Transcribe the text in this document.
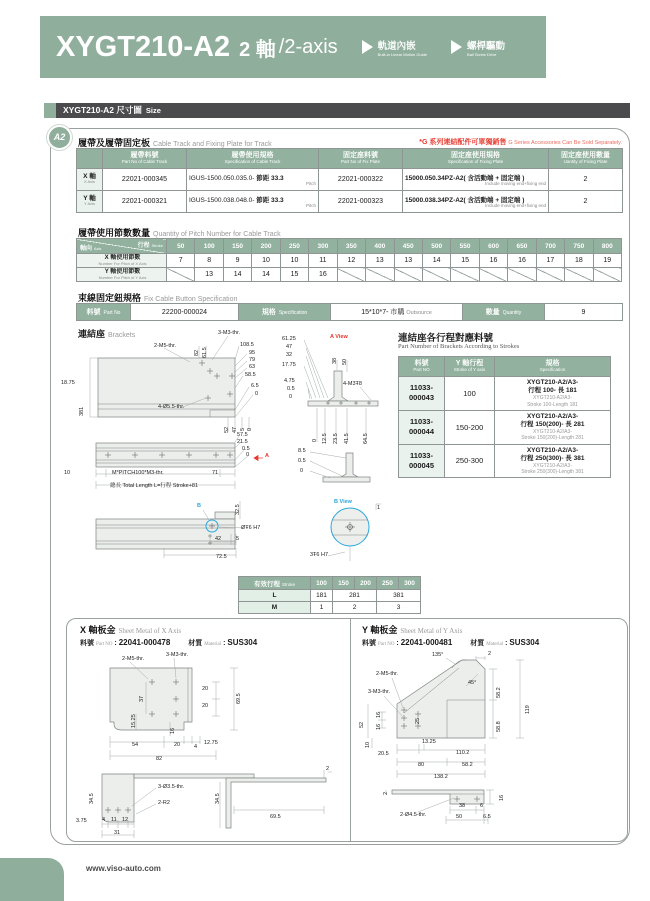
XYGT210-A2 2 軸 /2-axis	軌道內嵌
Built-in Linear Motion Guide
螺桿驅動
Ball Screw Drive
XYGT210-A2 尺寸圖 Size
A2
履帶及履帶固定板 Cable Track and Fixing Plate for Track	*G 系列連結配件可單獨銷售 G Series Accessories Can Be Sold Separately.

	履帶料號
Part No of Cable Track	履帶使用規格
Specification of Cable Track	固定座料號
Part No of Fix Plate	固定座使用規格
Specification of Fixing Plate	固定座使用數量
Uantity of Fixing Plate

X 軸
X Axis	22021-000345	IGUS-1500.050.035.0- 節距 33.3
Pitch	22021-000322	15000.050.34PZ-A2( 含活動端 + 固定端 )
Include moving end+fixing end	2

Y 軸
Y Axis	22021-000321	IGUS-1500.038.048.0- 節距 33.3
Pitch	22021-000323	15000.038.34PZ-A2( 含活動端 + 固定端 )
Include moving end+fixing end	2
履帶使用節數數量 Quantity of Pitch Number for Cable Track
行程 Stroke
軸向 Axis	50	100	150	200	250	300	350	400	450	500	550	600	650	700	750	800

X 軸使用節數
Number For Pitch of X Axis	7	8	9	10	10	11	12	13	13	14	15	16	16	17	18	19

Y 軸使用節數
Number For Pitch of Y Axis		13	14	14	15	16										
束線固定鈕規格 Fix Cable Button Specification
料號 Part No	22200-000024	規格 Specification	15*10*7- 市購 Outsource	數量 Quantity	9
連結座 Brackets
2-M5-thr.
3-M3-thr.
82 61.5
108.5
95
79
63
58.5
6.5
0
18.75
381	4-Ø5.5-thr.
52 47 5 0
A View
61.25
47
32
17.75
4.75
0.5
0
38 50
4-M3Ŧ8
0 12.5 23.5 41.5 64.5
57.5
21.5
0.5
0	A
10	M*PITCH100*M3-thr.	71
總長 Total Length L=行程 Stroke+81
8.5
0.5
0
B	32.5
ØŦ6 H7
42	5
72.5
B View
1
3Ŧ6 H7
連結座各行程對應料號
Part Number of Brackets According to Strokes
料號
Part NO	Y 軸行程
Stroke of Y axis	規格
Specification

11033-
000043	100	XYGT210-A2/A3-
行程 100- 長 181
XYGT210-A2/A3-
Stroke 100-Length 181

11033-
000044	150-200	XYGT210-A2/A3-
行程 150(200)- 長 281
XYGT210-A2/A3-
Stroke 150(200)-Length 281

11033-
000045	250-300	XYGT210-A2/A3-
行程 250(300)- 長 381
XYGT210-A2/A3-
Stroke 250(300)-Length 381
有效行程 Stroke	100	150	200	250	300
L	181	281		381	
M	1	2		3	
X 軸板金 Sheet Metal of X Axis
料號 Part NO : 22041-000478	材質 Material : SUS304
2-M5-thr.
3-M3-thr.
37
15.25
20
20
69.5
16
54	20	4
12.75
82
34.5
3-Ø3.5-thr.
2-R2
3.75	4 11 12
31
34.5
69.5
2
Y 軸板金 Sheet Metal of Y Axis
料號 Part NO : 22041-000481	材質 Material : SUS304
135°	2
2-M5-thr.
45°
58.2
119
3-M3-thr.
52
16
16
25
58.8
10	13.25
20.5	110.2
80	58.2
138.2
2
2-Ø4.5-thr.
38	6
50	6.5
16
www.viso-auto.com
